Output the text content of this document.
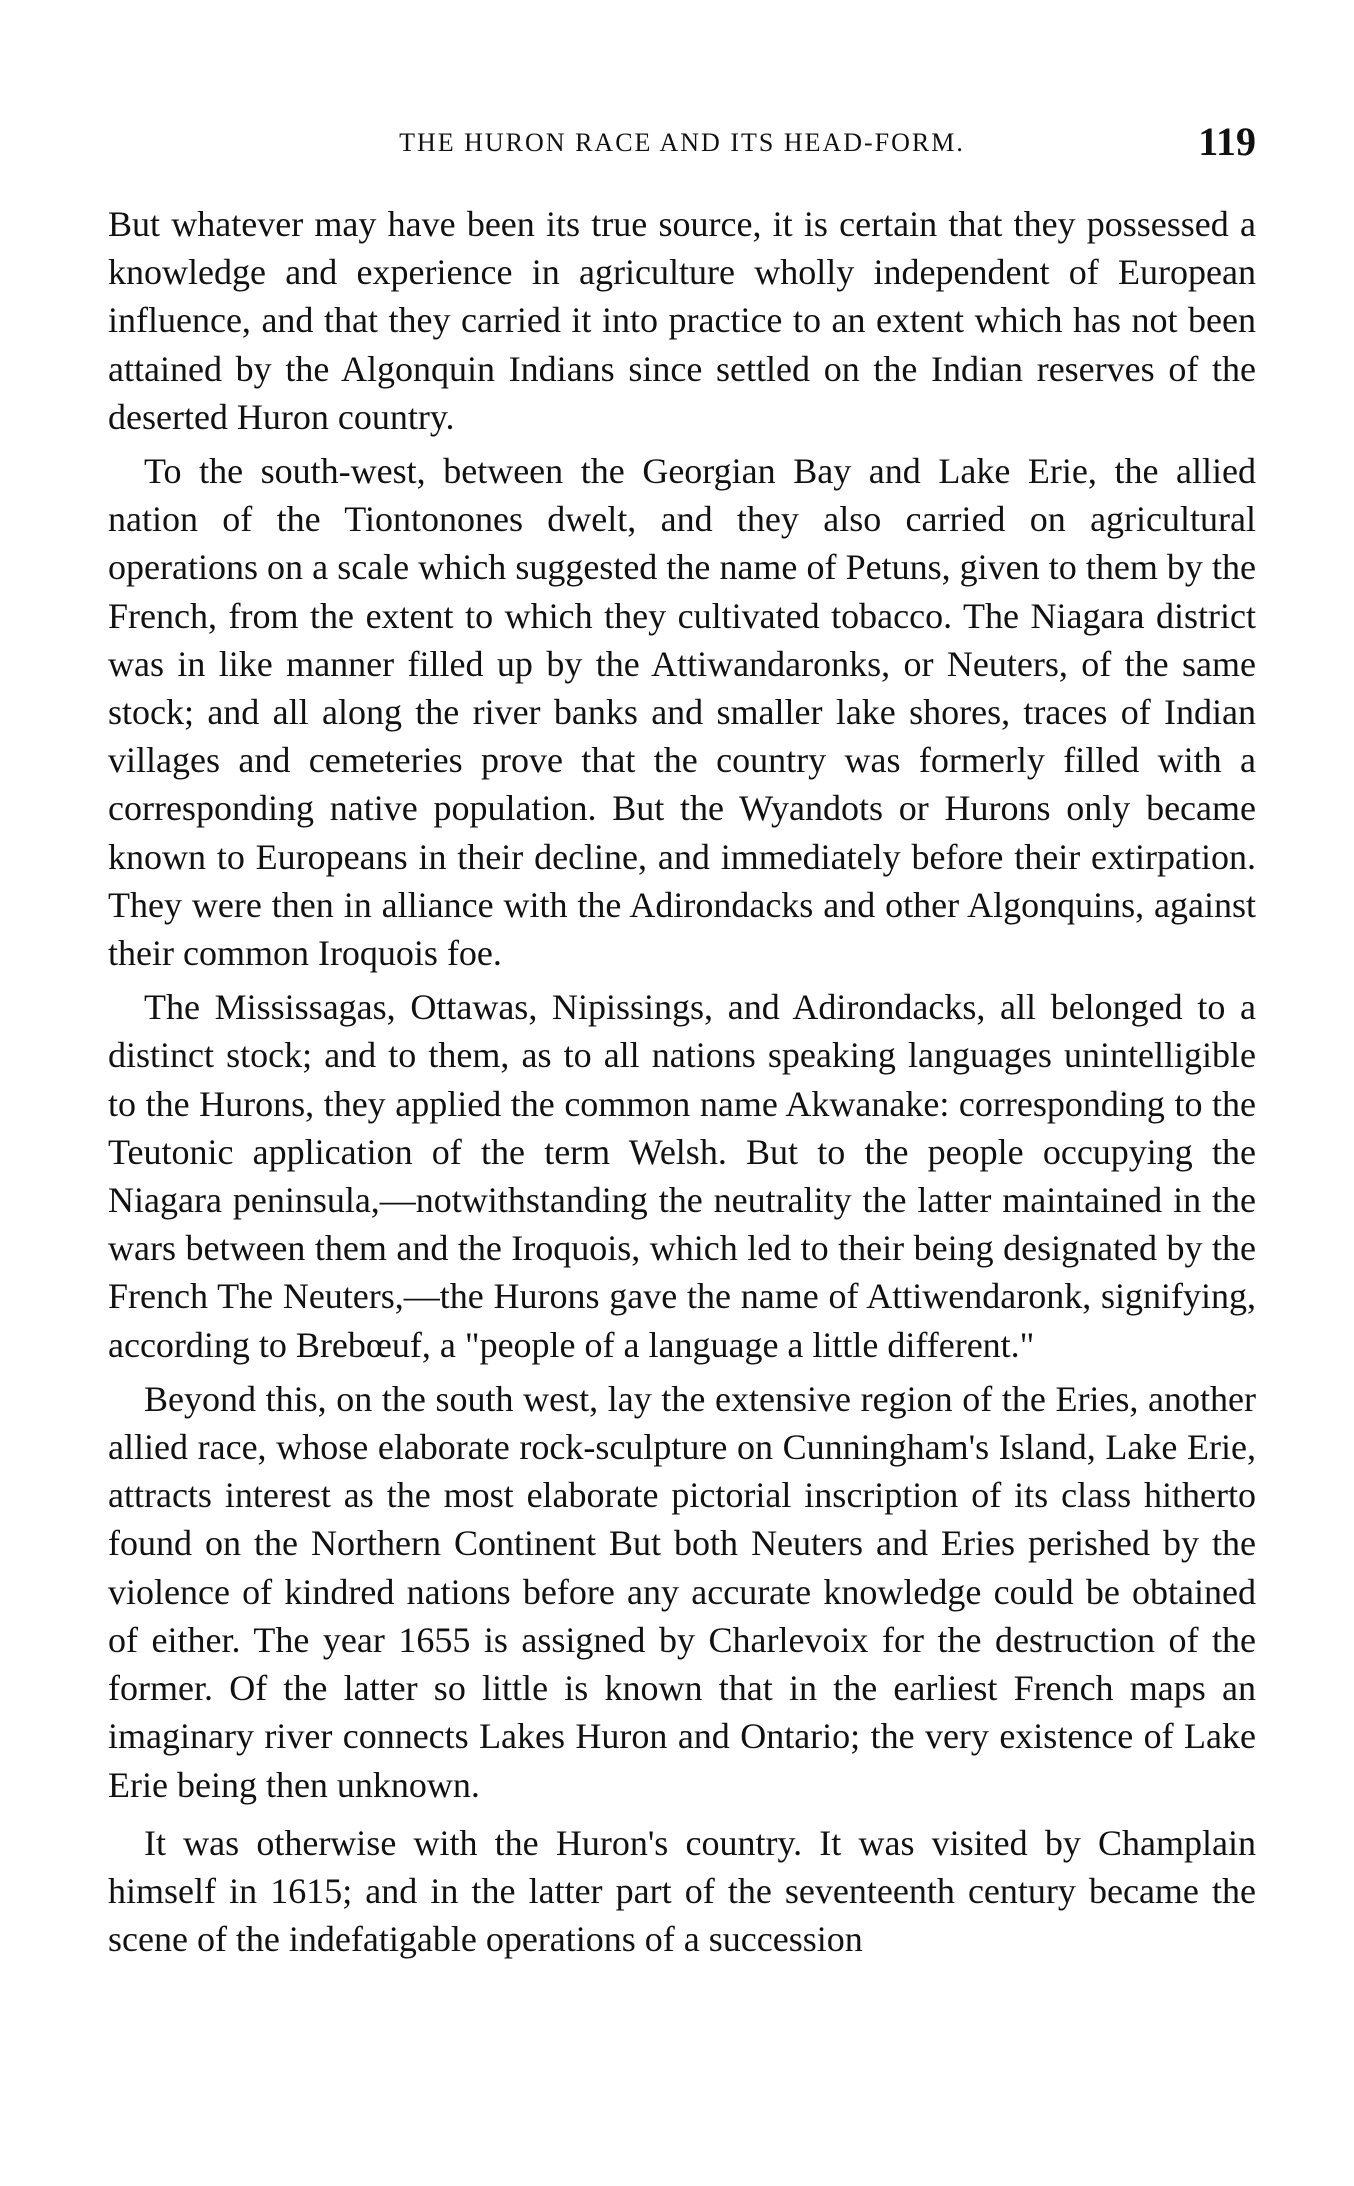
THE HURON RACE AND ITS HEAD-FORM.	119

But whatever may have been its true source, it is certain that they possessed a knowledge and experience in agriculture wholly independent of European influence, and that they carried it into practice to an extent which has not been attained by the Algonquin Indians since settled on the Indian reserves of the deserted Huron country.

To the south-west, between the Georgian Bay and Lake Erie, the allied nation of the Tiontonones dwelt, and they also carried on agricultural operations on a scale which suggested the name of Petuns, given to them by the French, from the extent to which they cultivated tobacco. The Niagara district was in like manner filled up by the Attiwandaronks, or Neuters, of the same stock; and all along the river banks and smaller lake shores, traces of Indian villages and cemeteries prove that the country was formerly filled with a corresponding native population. But the Wyandots or Hurons only became known to Europeans in their decline, and immediately before their extirpation. They were then in alliance with the Adirondacks and other Algonquins, against their common Iroquois foe.

The Mississagas, Ottawas, Nipissings, and Adirondacks, all belonged to a distinct stock; and to them, as to all nations speaking languages unintelligible to the Hurons, they applied the common name Akwanake: corresponding to the Teutonic application of the term Welsh. But to the people occupying the Niagara peninsula,—notwithstanding the neutrality the latter maintained in the wars between them and the Iroquois, which led to their being designated by the French The Neuters,—the Hurons gave the name of Attiwendaronk, signifying, according to Brebœuf, a "people of a language a little different."

Beyond this, on the south west, lay the extensive region of the Eries, another allied race, whose elaborate rock-sculpture on Cunningham's Island, Lake Erie, attracts interest as the most elaborate pictorial inscription of its class hitherto found on the Northern Continent But both Neuters and Eries perished by the violence of kindred nations before any accurate knowledge could be obtained of either. The year 1655 is assigned by Charlevoix for the destruction of the former. Of the latter so little is known that in the earliest French maps an imaginary river connects Lakes Huron and Ontario; the very existence of Lake Erie being then unknown.

It was otherwise with the Huron's country. It was visited by Champlain himself in 1615; and in the latter part of the seventeenth century became the scene of the indefatigable operations of a succession
